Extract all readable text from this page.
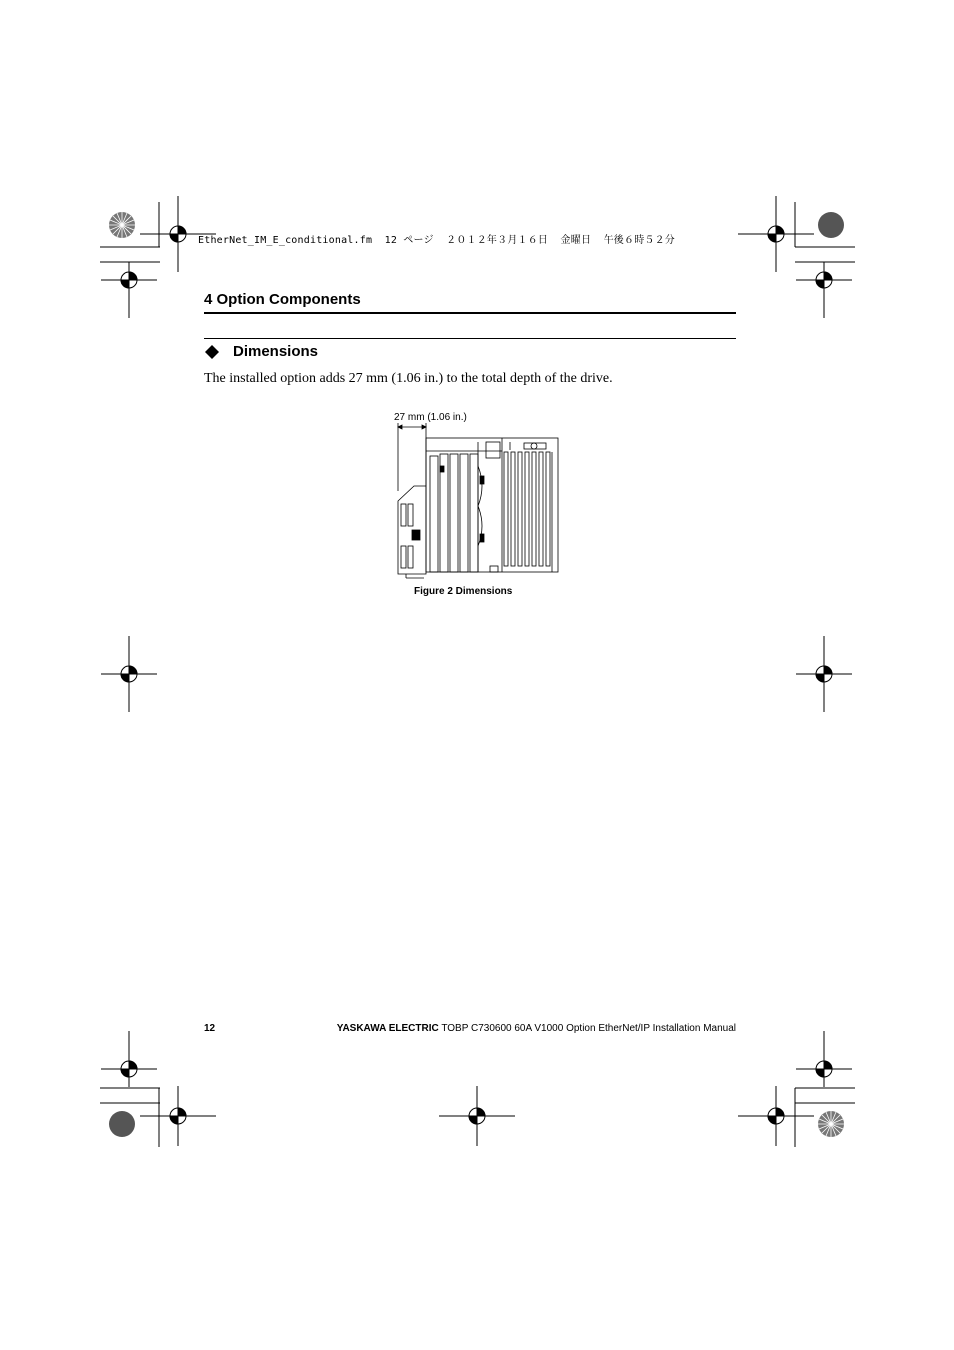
EtherNet_IM_E_conditional.fm  12 ページ  ２０１２年３月１６日  金曜日  午後６時５２分
4 Option Components
Dimensions
The installed option adds 27 mm (1.06 in.) to the total depth of the drive.
27 mm (1.06 in.)
Figure 2 Dimensions
12	YASKAWA ELECTRIC TOBP C730600 60A V1000 Option EtherNet/IP Installation Manual
